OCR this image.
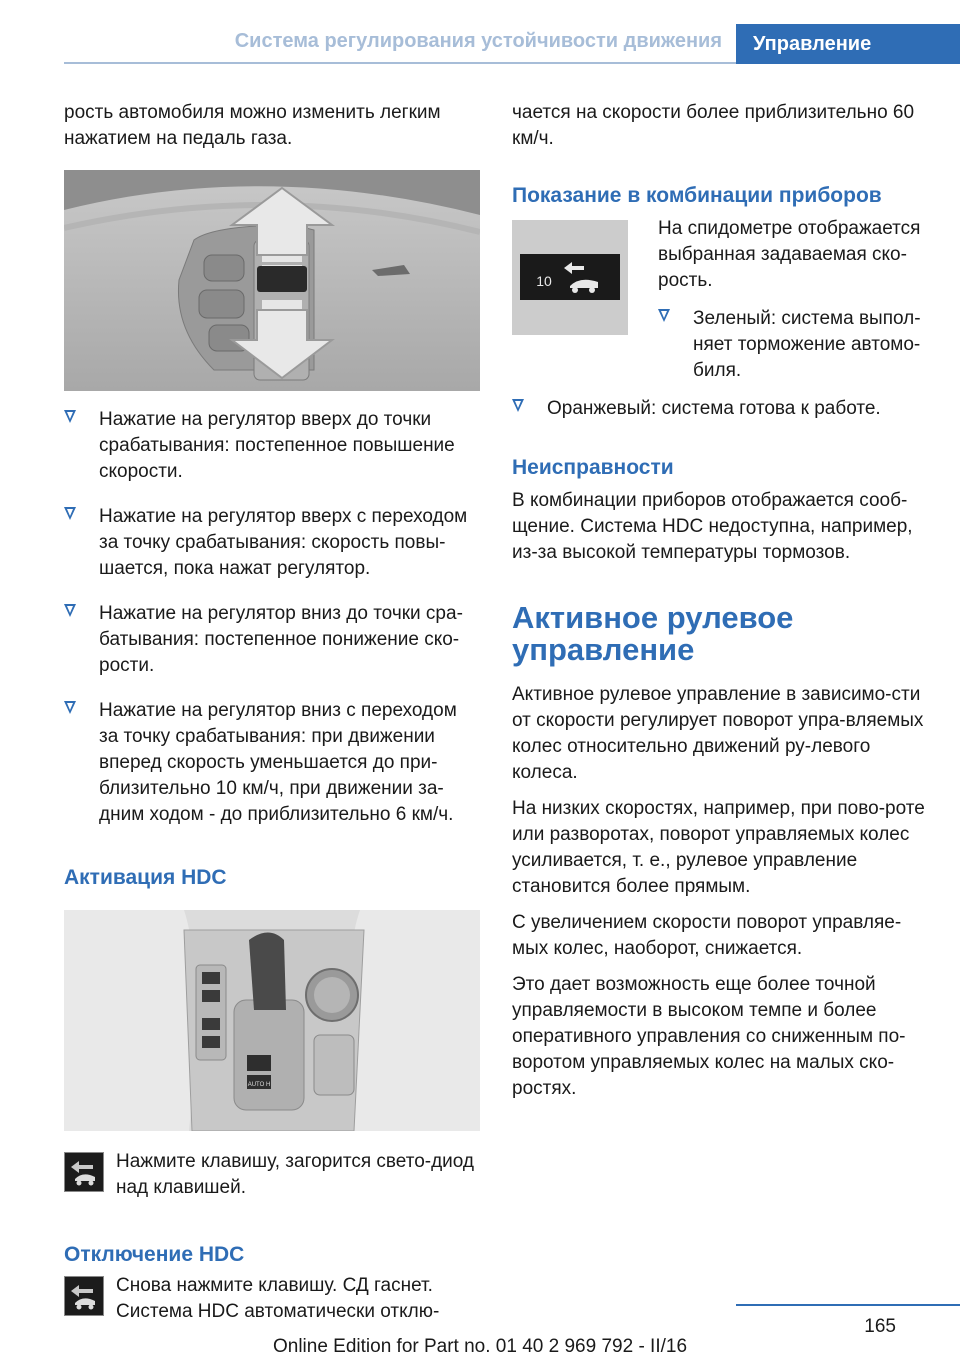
Система регулирования устойчивости движения	Управление

рость автомобиля можно изменить легким нажатием на педаль газа.

Нажатие на регулятор вверх до точки срабатывания: постепенное повышение скорости.
Нажатие на регулятор вверх с переходом за точку срабатывания: скорость повы-шается, пока нажат регулятор.
Нажатие на регулятор вниз до точки сра-батывания: постепенное понижение ско-рости.
Нажатие на регулятор вниз с переходом за точку срабатывания: при движении вперед скорость уменьшается до при-близительно 10 км/ч, при движении за-дним ходом - до приблизительно 6 км/ч.
Активация HDC
AUTO H

Нажмите клавишу, загорится свето-диод над клавишей.

Отключение HDC

Снова нажмите клавишу. СД гаснет. Система HDC автоматически отклю-

чается на скорости более приблизительно 60 км/ч.

Показание в комбинации приборов
10

На спидометре отображается выбранная задаваемая ско-рость.

Зеленый: система выпол-няет торможение автомо-биля.
Оранжевый: система готова к работе.
Неисправности

В комбинации приборов отображается сооб-щение. Система HDC недоступна, например, из-за высокой температуры тормозов.

Активное рулевое управление

Активное рулевое управление в зависимо-сти от скорости регулирует поворот упра-вляемых колес относительно движений ру-левого колеса.

На низких скоростях, например, при пово-роте или разворотах, поворот управляемых колес усиливается, т. е., рулевое управление становится более прямым.

С увеличением скорости поворот управляе-мых колес, наоборот, снижается.

Это дает возможность еще более точной управляемости в высоком темпе и более оперативного управления со сниженным по-воротом управляемых колес на малых ско-ростях.

165
Online Edition for Part no. 01 40 2 969 792 - II/16
